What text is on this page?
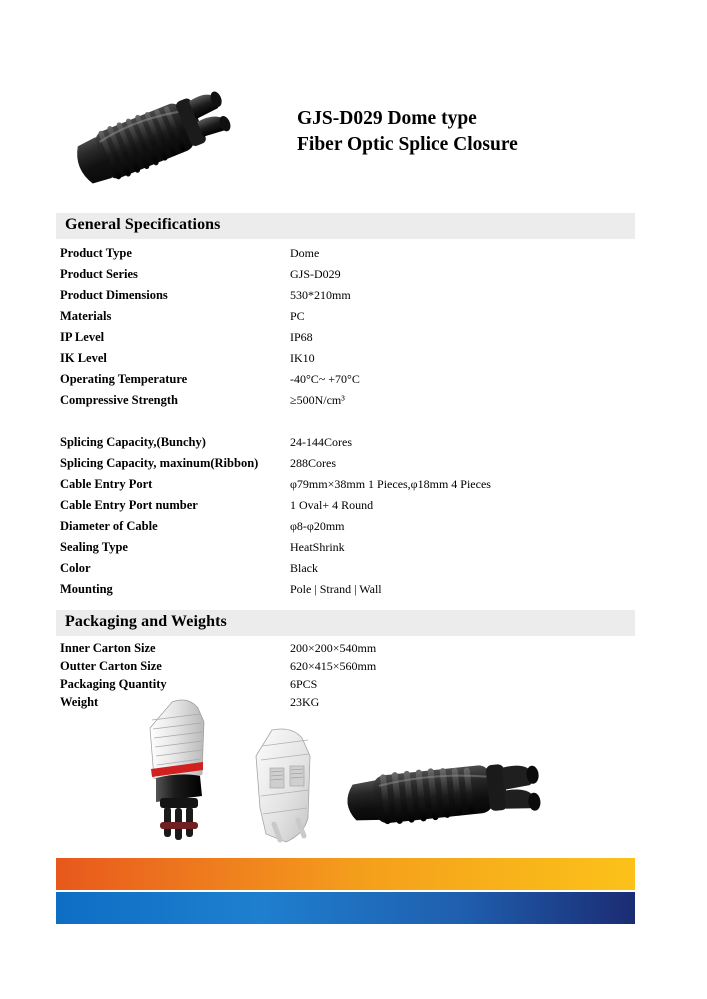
GJS-D029 Dome type
Fiber Optic Splice Closure
General Specifications
Product Type	Dome
Product Series	GJS-D029
Product Dimensions	530*210mm
Materials	PC
IP Level	IP68
IK Level	IK10
Operating Temperature	-40°C~ +70°C
Compressive Strength	≥500N/cm³
Splicing Capacity,(Bunchy)	24-144Cores
Splicing Capacity, maxinum(Ribbon)	288Cores
Cable Entry Port	φ79mm×38mm 1 Pieces,φ18mm 4 Pieces
Cable Entry Port number	1 Oval+ 4 Round
Diameter of Cable	φ8-φ20mm
Sealing Type	HeatShrink
Color	Black
Mounting	Pole | Strand | Wall
Packaging and Weights
Inner Carton Size	200×200×540mm
Outter Carton Size	620×415×560mm
Packaging Quantity	6PCS
Weight	23KG
